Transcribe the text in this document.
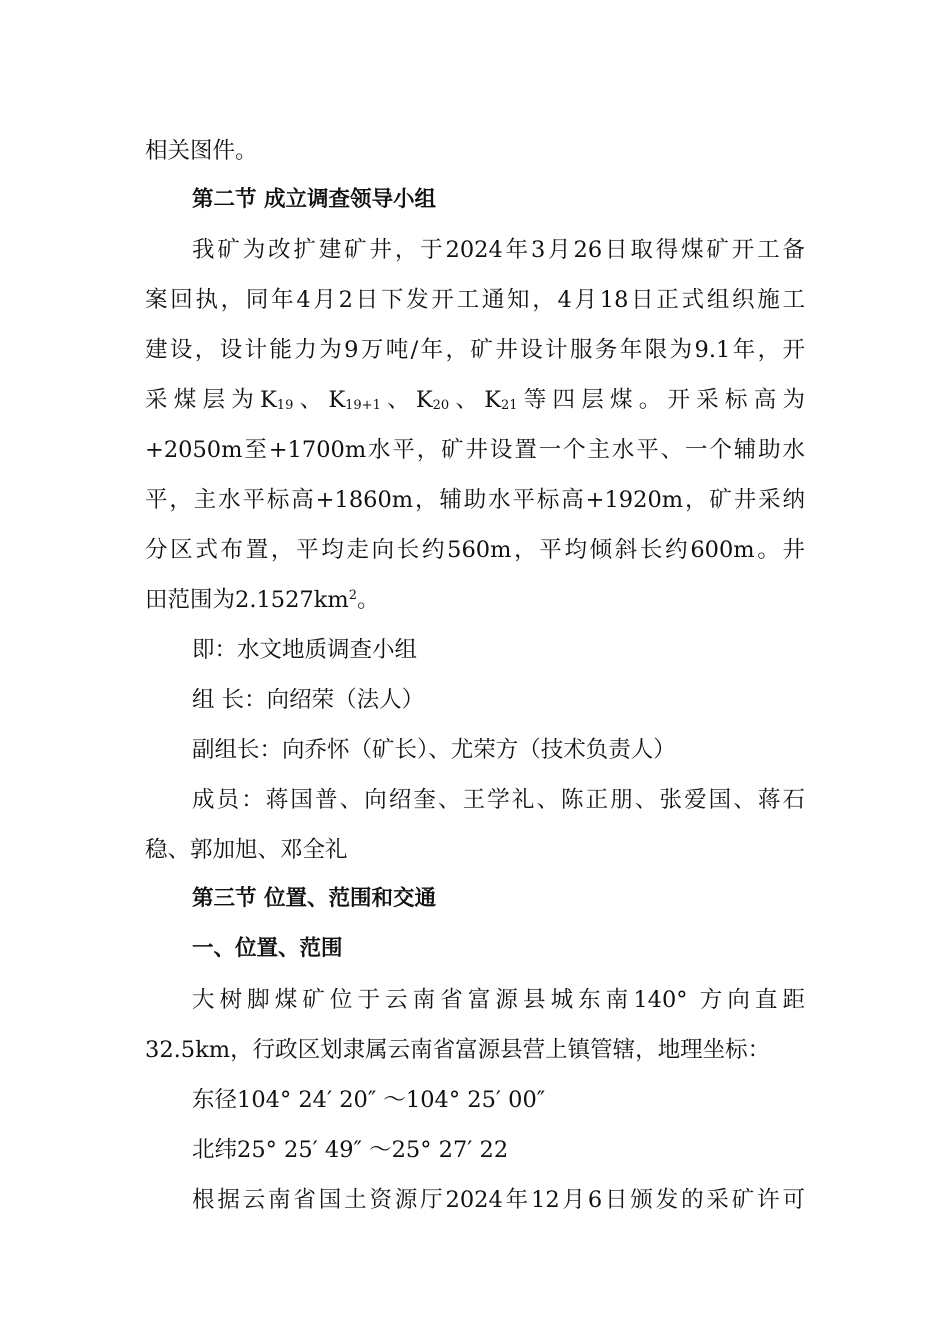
相关图件。
第二节 成立调查领导小组
我矿为改扩建矿井，于2024年3月26日取得煤矿开工备
案回执，同年4月2日下发开工通知，4月18日正式组织施工
建设，设计能力为9万吨/年，矿井设计服务年限为9.1年，开
采煤层为$K_{19}$、$K_{19+1}$、$K_{20}$、$K_{21}$等四层煤。开采标高为
+2050m至+1700m水平，矿井设置一个主水平、一个辅助水
平，主水平标高+1860m，辅助水平标高+1920m，矿井采纳
分区式布置，平均走向长约560m，平均倾斜长约600m。井
田范围为$2.1527km^2$。
即：水文地质调查小组
组 长：向绍荣（法人）
副组长：向乔怀（矿长）、尤荣方（技术负责人）
成员：蒋国普、向绍奎、王学礼、陈正朋、张爱国、蒋石
稳、郭加旭、邓全礼
第三节 位置、范围和交通
一、位置、范围
大树脚煤矿位于云南省富源县城东南140° 方向直距
32.5km，行政区划隶属云南省富源县营上镇管辖，地理坐标：
东径104° 24′ 20″ ～104° 25′ 00″
北纬25° 25′ 49″ ～25° 27′ 22
根据云南省国土资源厅2024年12月6日颁发的采矿许可
